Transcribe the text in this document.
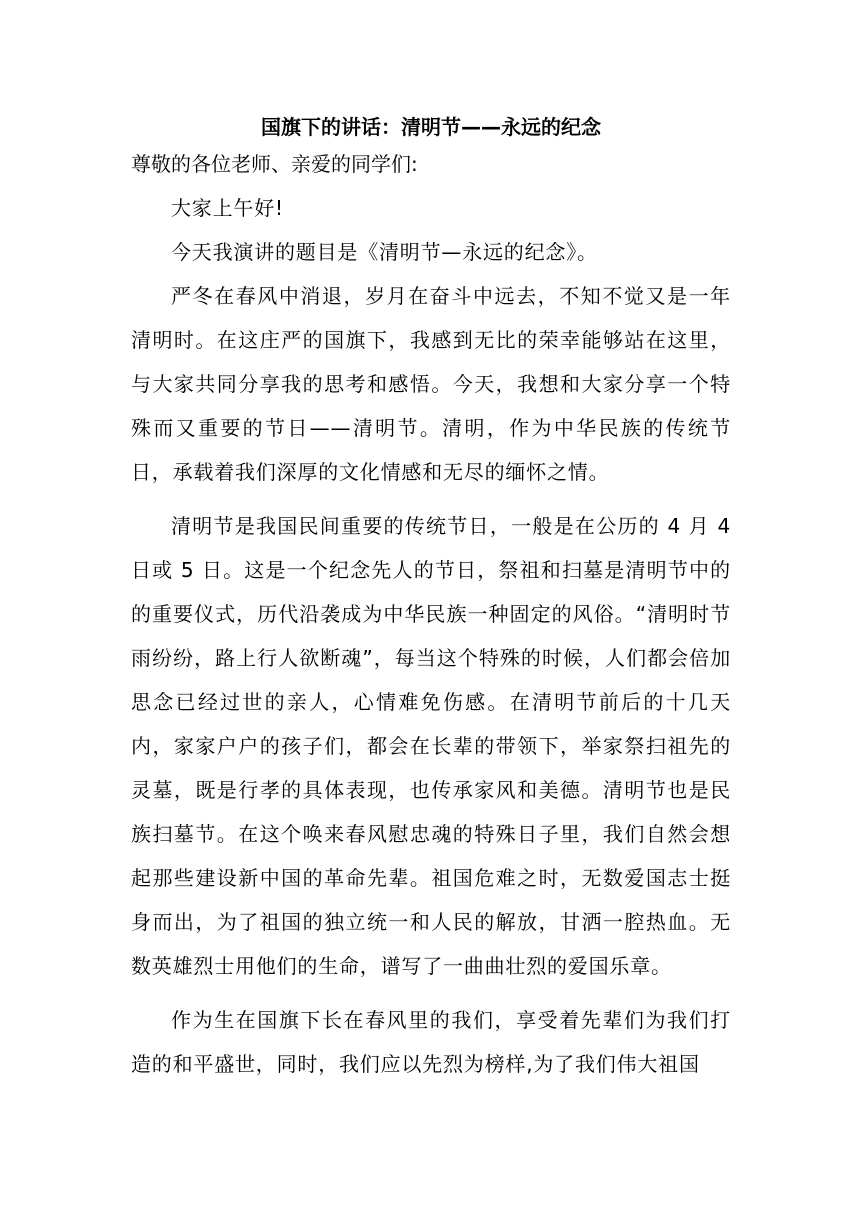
国旗下的讲话：清明节——永远的纪念

尊敬的各位老师、亲爱的同学们:

大家上午好!

今天我演讲的题目是《清明节—永远的纪念》。

严冬在春风中消退，岁月在奋斗中远去，不知不觉又是一年清明时。在这庄严的国旗下，我感到无比的荣幸能够站在这里，与大家共同分享我的思考和感悟。今天，我想和大家分享一个特殊而又重要的节日——清明节。清明，作为中华民族的传统节日，承载着我们深厚的文化情感和无尽的缅怀之情。

清明节是我国民间重要的传统节日，一般是在公历的 4 月 4 日或 5 日。这是一个纪念先人的节日，祭祖和扫墓是清明节中的的重要仪式，历代沿袭成为中华民族一种固定的风俗。“清明时节雨纷纷，路上行人欲断魂”，每当这个特殊的时候，人们都会倍加思念已经过世的亲人，心情难免伤感。在清明节前后的十几天内，家家户户的孩子们，都会在长辈的带领下，举家祭扫祖先的灵墓，既是行孝的具体表现，也传承家风和美德。清明节也是民族扫墓节。在这个唤来春风慰忠魂的特殊日子里，我们自然会想起那些建设新中国的革命先辈。祖国危难之时，无数爱国志士挺身而出，为了祖国的独立统一和人民的解放，甘洒一腔热血。无数英雄烈士用他们的生命，谱写了一曲曲壮烈的爱国乐章。

作为生在国旗下长在春风里的我们，享受着先辈们为我们打造的和平盛世，同时，我们应以先烈为榜样,为了我们伟大祖国
